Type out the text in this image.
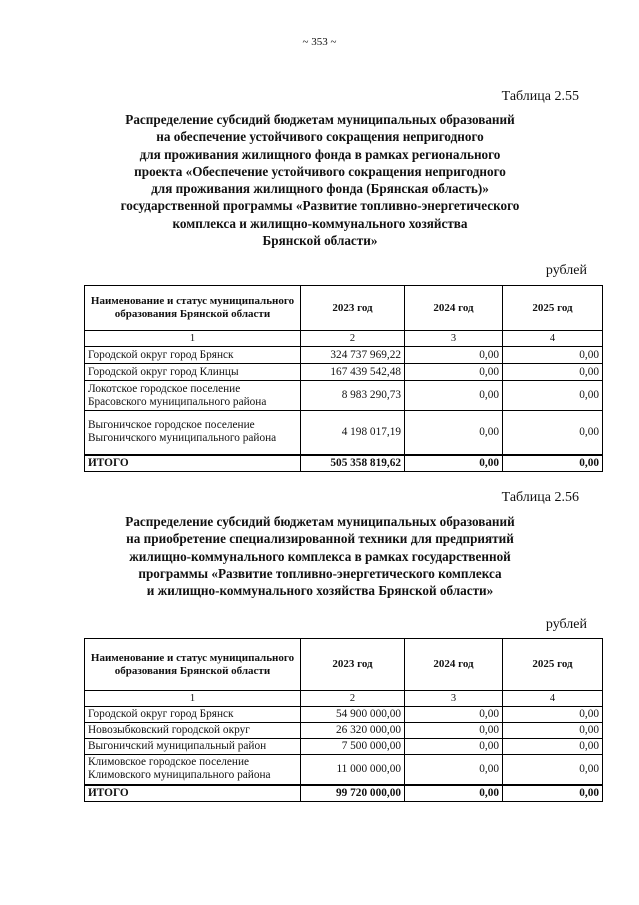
~ 353 ~
Таблица 2.55
Распределение субсидий бюджетам муниципальных образований
на обеспечение устойчивого сокращения непригодного
для проживания жилищного фонда в рамках регионального
проекта «Обеспечение устойчивого сокращения непригодного
для проживания жилищного фонда (Брянская область)»
государственной программы «Развитие топливно-энергетического
комплекса и жилищно-коммунального хозяйства
Брянской области»
рублей
Наименование и статус муниципального образования Брянской области	2023 год	2024 год	2025 год
1	2	3	4
Городской округ город Брянск	324 737 969,22	0,00	0,00
Городской округ город Клинцы	167 439 542,48	0,00	0,00
Локотское городское поселение Брасовского муниципального района	8 983 290,73	0,00	0,00
Выгоничское городское поселение Выгоничского муниципального района	4 198 017,19	0,00	0,00
ИТОГО	505 358 819,62	0,00	0,00
Таблица 2.56
Распределение субсидий бюджетам муниципальных образований
на приобретение специализированной техники для предприятий
жилищно-коммунального комплекса в рамках государственной
программы «Развитие топливно-энергетического комплекса
и жилищно-коммунального хозяйства Брянской области»
рублей
Наименование и статус муниципального образования Брянской области	2023 год	2024 год	2025 год
1	2	3	4
Городской округ город Брянск	54 900 000,00	0,00	0,00
Новозыбковский городской округ	26 320 000,00	0,00	0,00
Выгоничский муниципальный район	7 500 000,00	0,00	0,00
Климовское городское поселение Климовского муниципального района	11 000 000,00	0,00	0,00
ИТОГО	99 720 000,00	0,00	0,00
